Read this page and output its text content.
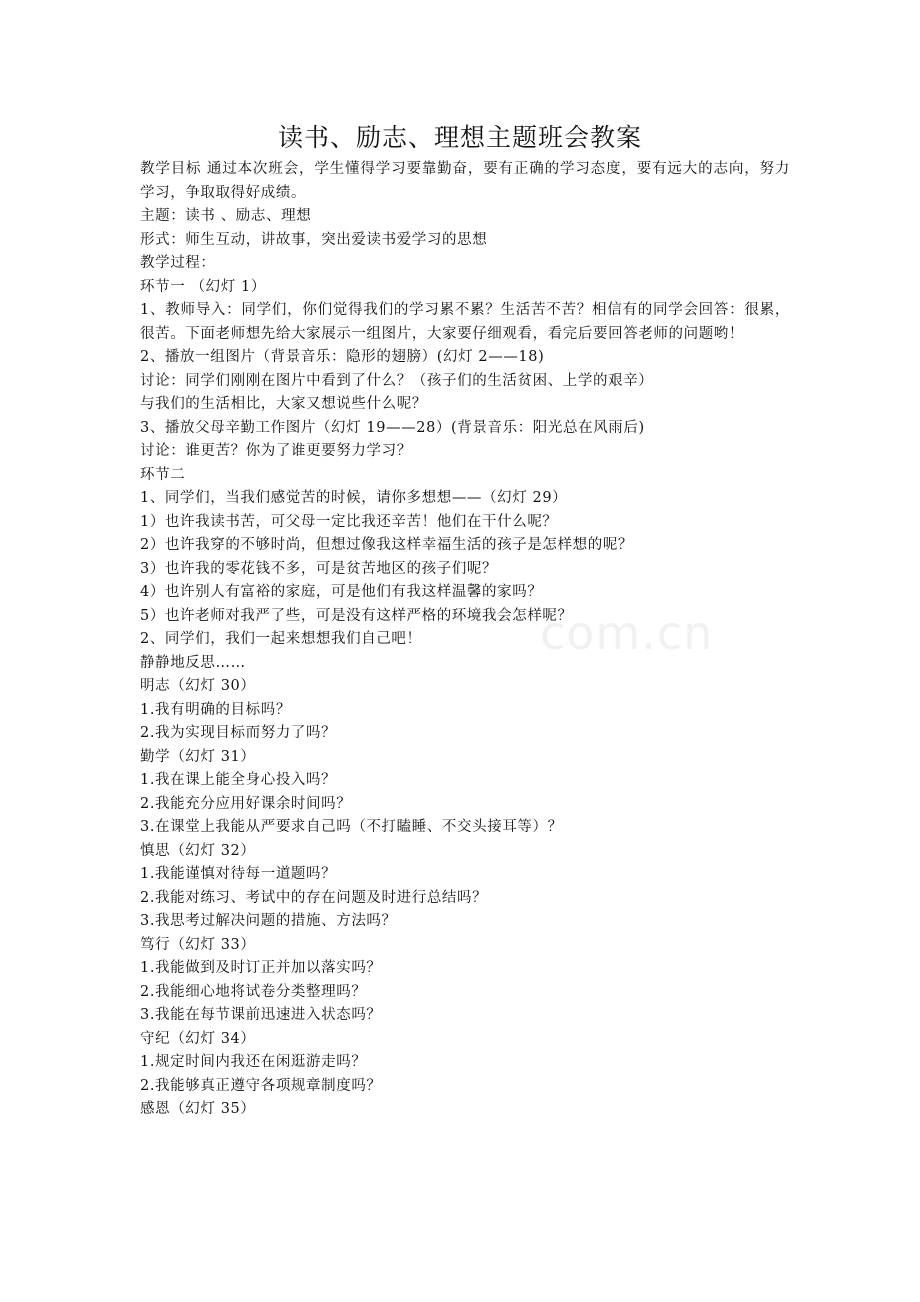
com.cn
读书、励志、理想主题班会教案
教学目标 通过本次班会，学生懂得学习要靠勤奋，要有正确的学习态度，要有远大的志向，努力学习，争取取得好成绩。
主题：读书 、励志、理想
形式：师生互动，讲故事，突出爱读书爱学习的思想
教学过程：
环节一 （幻灯 1）
1、教师导入：同学们，你们觉得我们的学习累不累？生活苦不苦？相信有的同学会回答：很累，很苦。下面老师想先给大家展示一组图片，大家要仔细观看，看完后要回答老师的问题哟！
2、播放一组图片（背景音乐：隐形的翅膀）(幻灯 2——18)
讨论：同学们刚刚在图片中看到了什么？（孩子们的生活贫困、上学的艰辛）
与我们的生活相比，大家又想说些什么呢？
3、播放父母辛勤工作图片（幻灯 19——28）(背景音乐：阳光总在风雨后)
讨论：谁更苦？你为了谁更要努力学习？
环节二
1、同学们，当我们感觉苦的时候，请你多想想——（幻灯 29）
1）也许我读书苦，可父母一定比我还辛苦！他们在干什么呢？
2）也许我穿的不够时尚，但想过像我这样幸福生活的孩子是怎样想的呢？
3）也许我的零花钱不多，可是贫苦地区的孩子们呢？
4）也许别人有富裕的家庭，可是他们有我这样温馨的家吗？
5）也许老师对我严了些，可是没有这样严格的环境我会怎样呢？
2、同学们，我们一起来想想我们自己吧！
静静地反思……
明志（幻灯 30）
1.我有明确的目标吗？
2.我为实现目标而努力了吗？
勤学（幻灯 31）
1.我在课上能全身心投入吗？
2.我能充分应用好课余时间吗？
3.在课堂上我能从严要求自己吗（不打瞌睡、不交头接耳等）？
慎思（幻灯 32）
1.我能谨慎对待每一道题吗？
2.我能对练习、考试中的存在问题及时进行总结吗？
3.我思考过解决问题的措施、方法吗？
笃行（幻灯 33）
1.我能做到及时订正并加以落实吗？
2.我能细心地将试卷分类整理吗？
3.我能在每节课前迅速进入状态吗？
守纪（幻灯 34）
1.规定时间内我还在闲逛游走吗？
2.我能够真正遵守各项规章制度吗？
感恩（幻灯 35）
